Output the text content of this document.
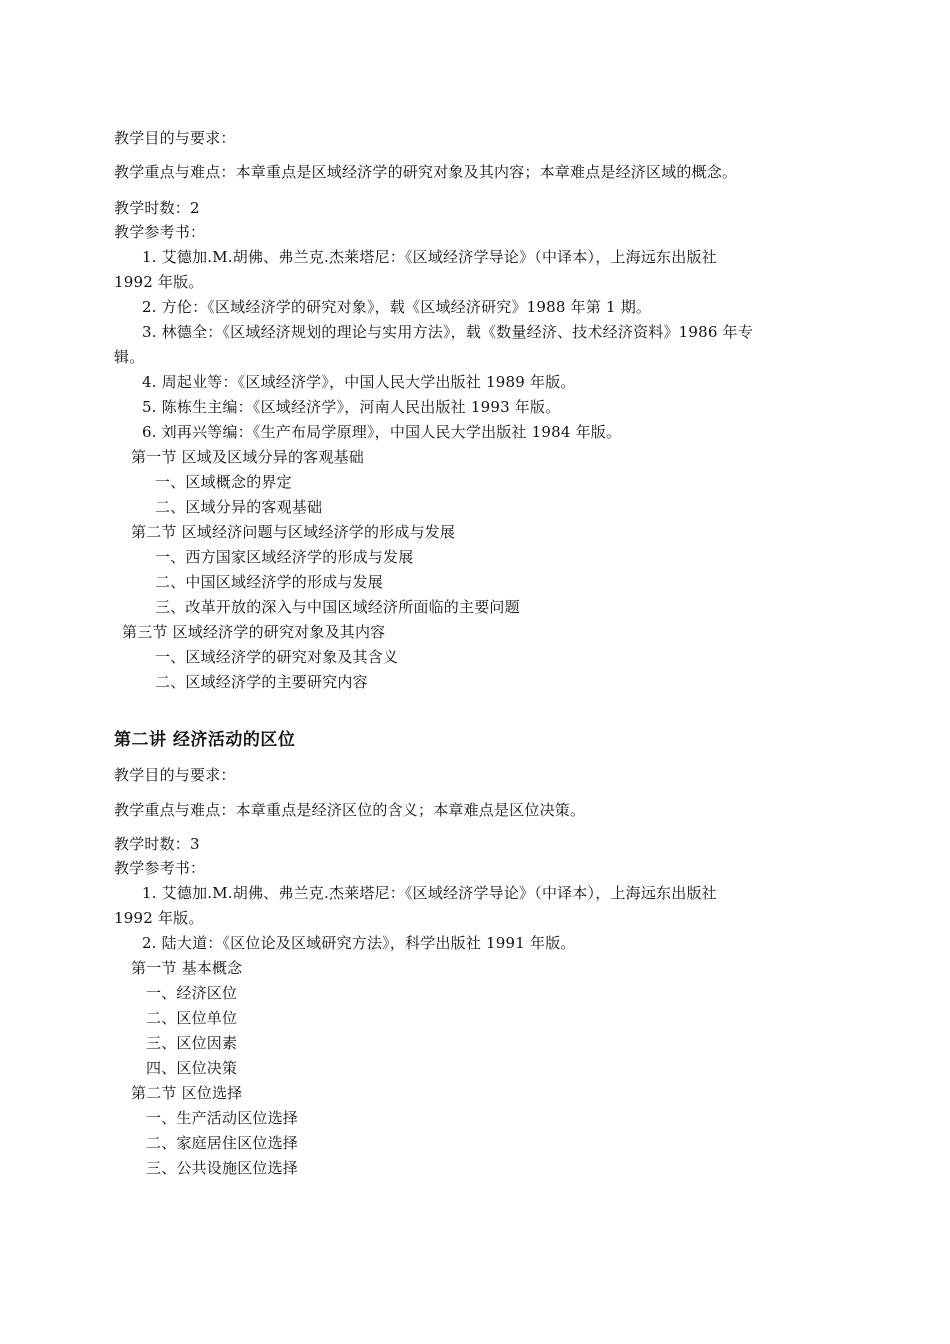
教学目的与要求：
教学重点与难点：本章重点是区域经济学的研究对象及其内容；本章难点是经济区域的概念。
教学时数：2
教学参考书：
1. 艾德加.M.胡佛、弗兰克.杰莱塔尼：《区域经济学导论》（中译本），上海远东出版社
1992 年版。
2. 方伦：《区域经济学的研究对象》，载《区域经济研究》1988 年第 1 期。
3. 林德全：《区域经济规划的理论与实用方法》，载《数量经济、技术经济资料》1986 年专
辑。
4. 周起业等：《区域经济学》，中国人民大学出版社 1989 年版。
5. 陈栋生主编：《区域经济学》，河南人民出版社 1993 年版。
6. 刘再兴等编：《生产布局学原理》，中国人民大学出版社 1984 年版。
第一节 区域及区域分异的客观基础
一、区域概念的界定
二、区域分异的客观基础
第二节 区域经济问题与区域经济学的形成与发展
一、西方国家区域经济学的形成与发展
二、中国区域经济学的形成与发展
三、改革开放的深入与中国区域经济所面临的主要问题
第三节 区域经济学的研究对象及其内容
一、区域经济学的研究对象及其含义
二、区域经济学的主要研究内容
第二讲 经济活动的区位
教学目的与要求：
教学重点与难点：本章重点是经济区位的含义；本章难点是区位决策。
教学时数：3
教学参考书：
1. 艾德加.M.胡佛、弗兰克.杰莱塔尼：《区域经济学导论》（中译本），上海远东出版社
1992 年版。
2. 陆大道：《区位论及区域研究方法》，科学出版社 1991 年版。
第一节 基本概念
一、经济区位
二、区位单位
三、区位因素
四、区位决策
第二节 区位选择
一、生产活动区位选择
二、家庭居住区位选择
三、公共设施区位选择
